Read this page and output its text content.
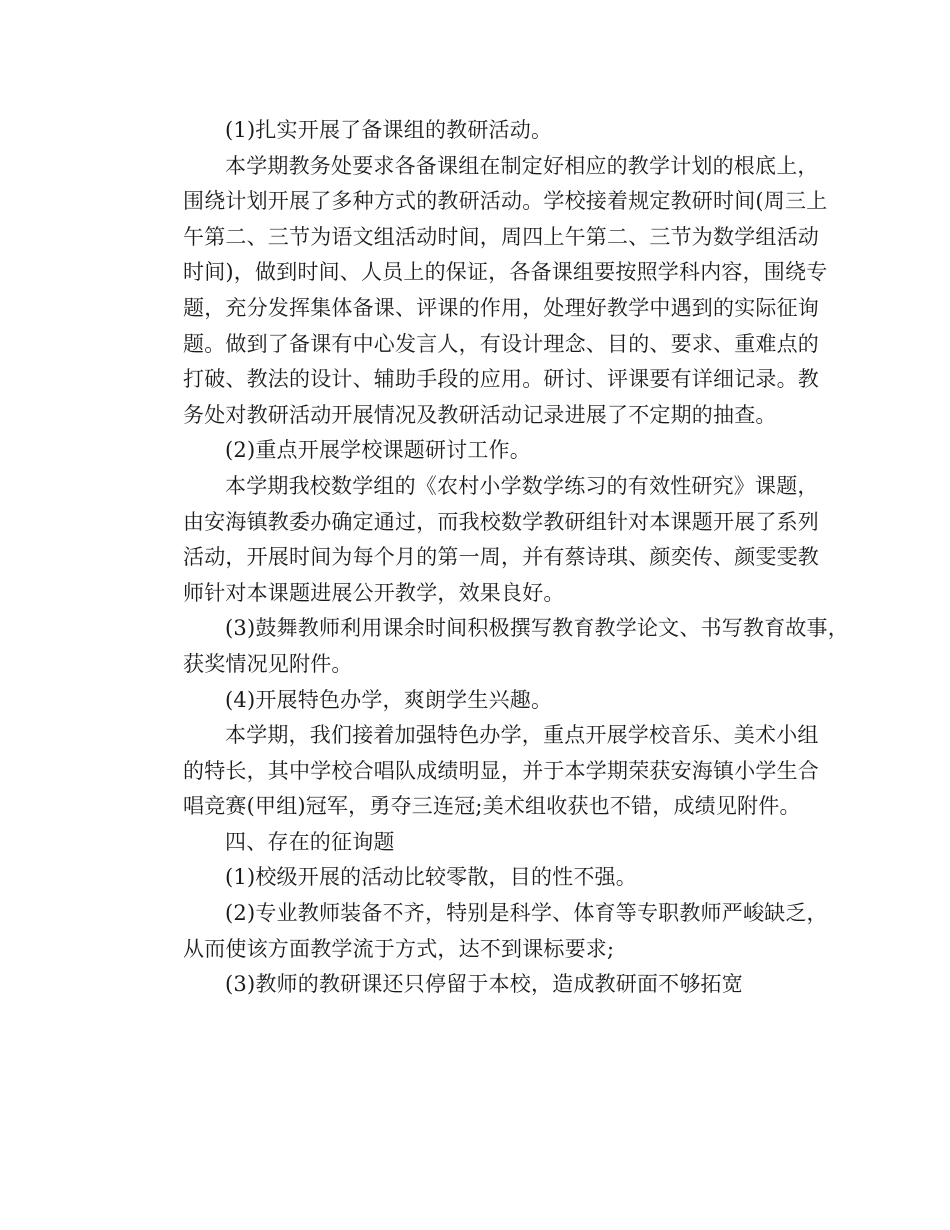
(1)扎实开展了备课组的教研活动。
本学期教务处要求各备课组在制定好相应的教学计划的根底上，
围绕计划开展了多种方式的教研活动。学校接着规定教研时间(周三上
午第二、三节为语文组活动时间，周四上午第二、三节为数学组活动
时间)，做到时间、人员上的保证，各备课组要按照学科内容，围绕专
题，充分发挥集体备课、评课的作用，处理好教学中遇到的实际征询
题。做到了备课有中心发言人，有设计理念、目的、要求、重难点的
打破、教法的设计、辅助手段的应用。研讨、评课要有详细记录。教
务处对教研活动开展情况及教研活动记录进展了不定期的抽查。
(2)重点开展学校课题研讨工作。
本学期我校数学组的《农村小学数学练习的有效性研究》课题，
由安海镇教委办确定通过，而我校数学教研组针对本课题开展了系列
活动，开展时间为每个月的第一周，并有蔡诗琪、颜奕传、颜雯雯教
师针对本课题进展公开教学，效果良好。
(3)鼓舞教师利用课余时间积极撰写教育教学论文、书写教育故事，
获奖情况见附件。
(4)开展特色办学，爽朗学生兴趣。
本学期，我们接着加强特色办学，重点开展学校音乐、美术小组
的特长，其中学校合唱队成绩明显，并于本学期荣获安海镇小学生合
唱竞赛(甲组)冠军，勇夺三连冠;美术组收获也不错，成绩见附件。
四、存在的征询题
(1)校级开展的活动比较零散，目的性不强。
(2)专业教师装备不齐，特别是科学、体育等专职教师严峻缺乏，
从而使该方面教学流于方式，达不到课标要求;
(3)教师的教研课还只停留于本校，造成教研面不够拓宽
